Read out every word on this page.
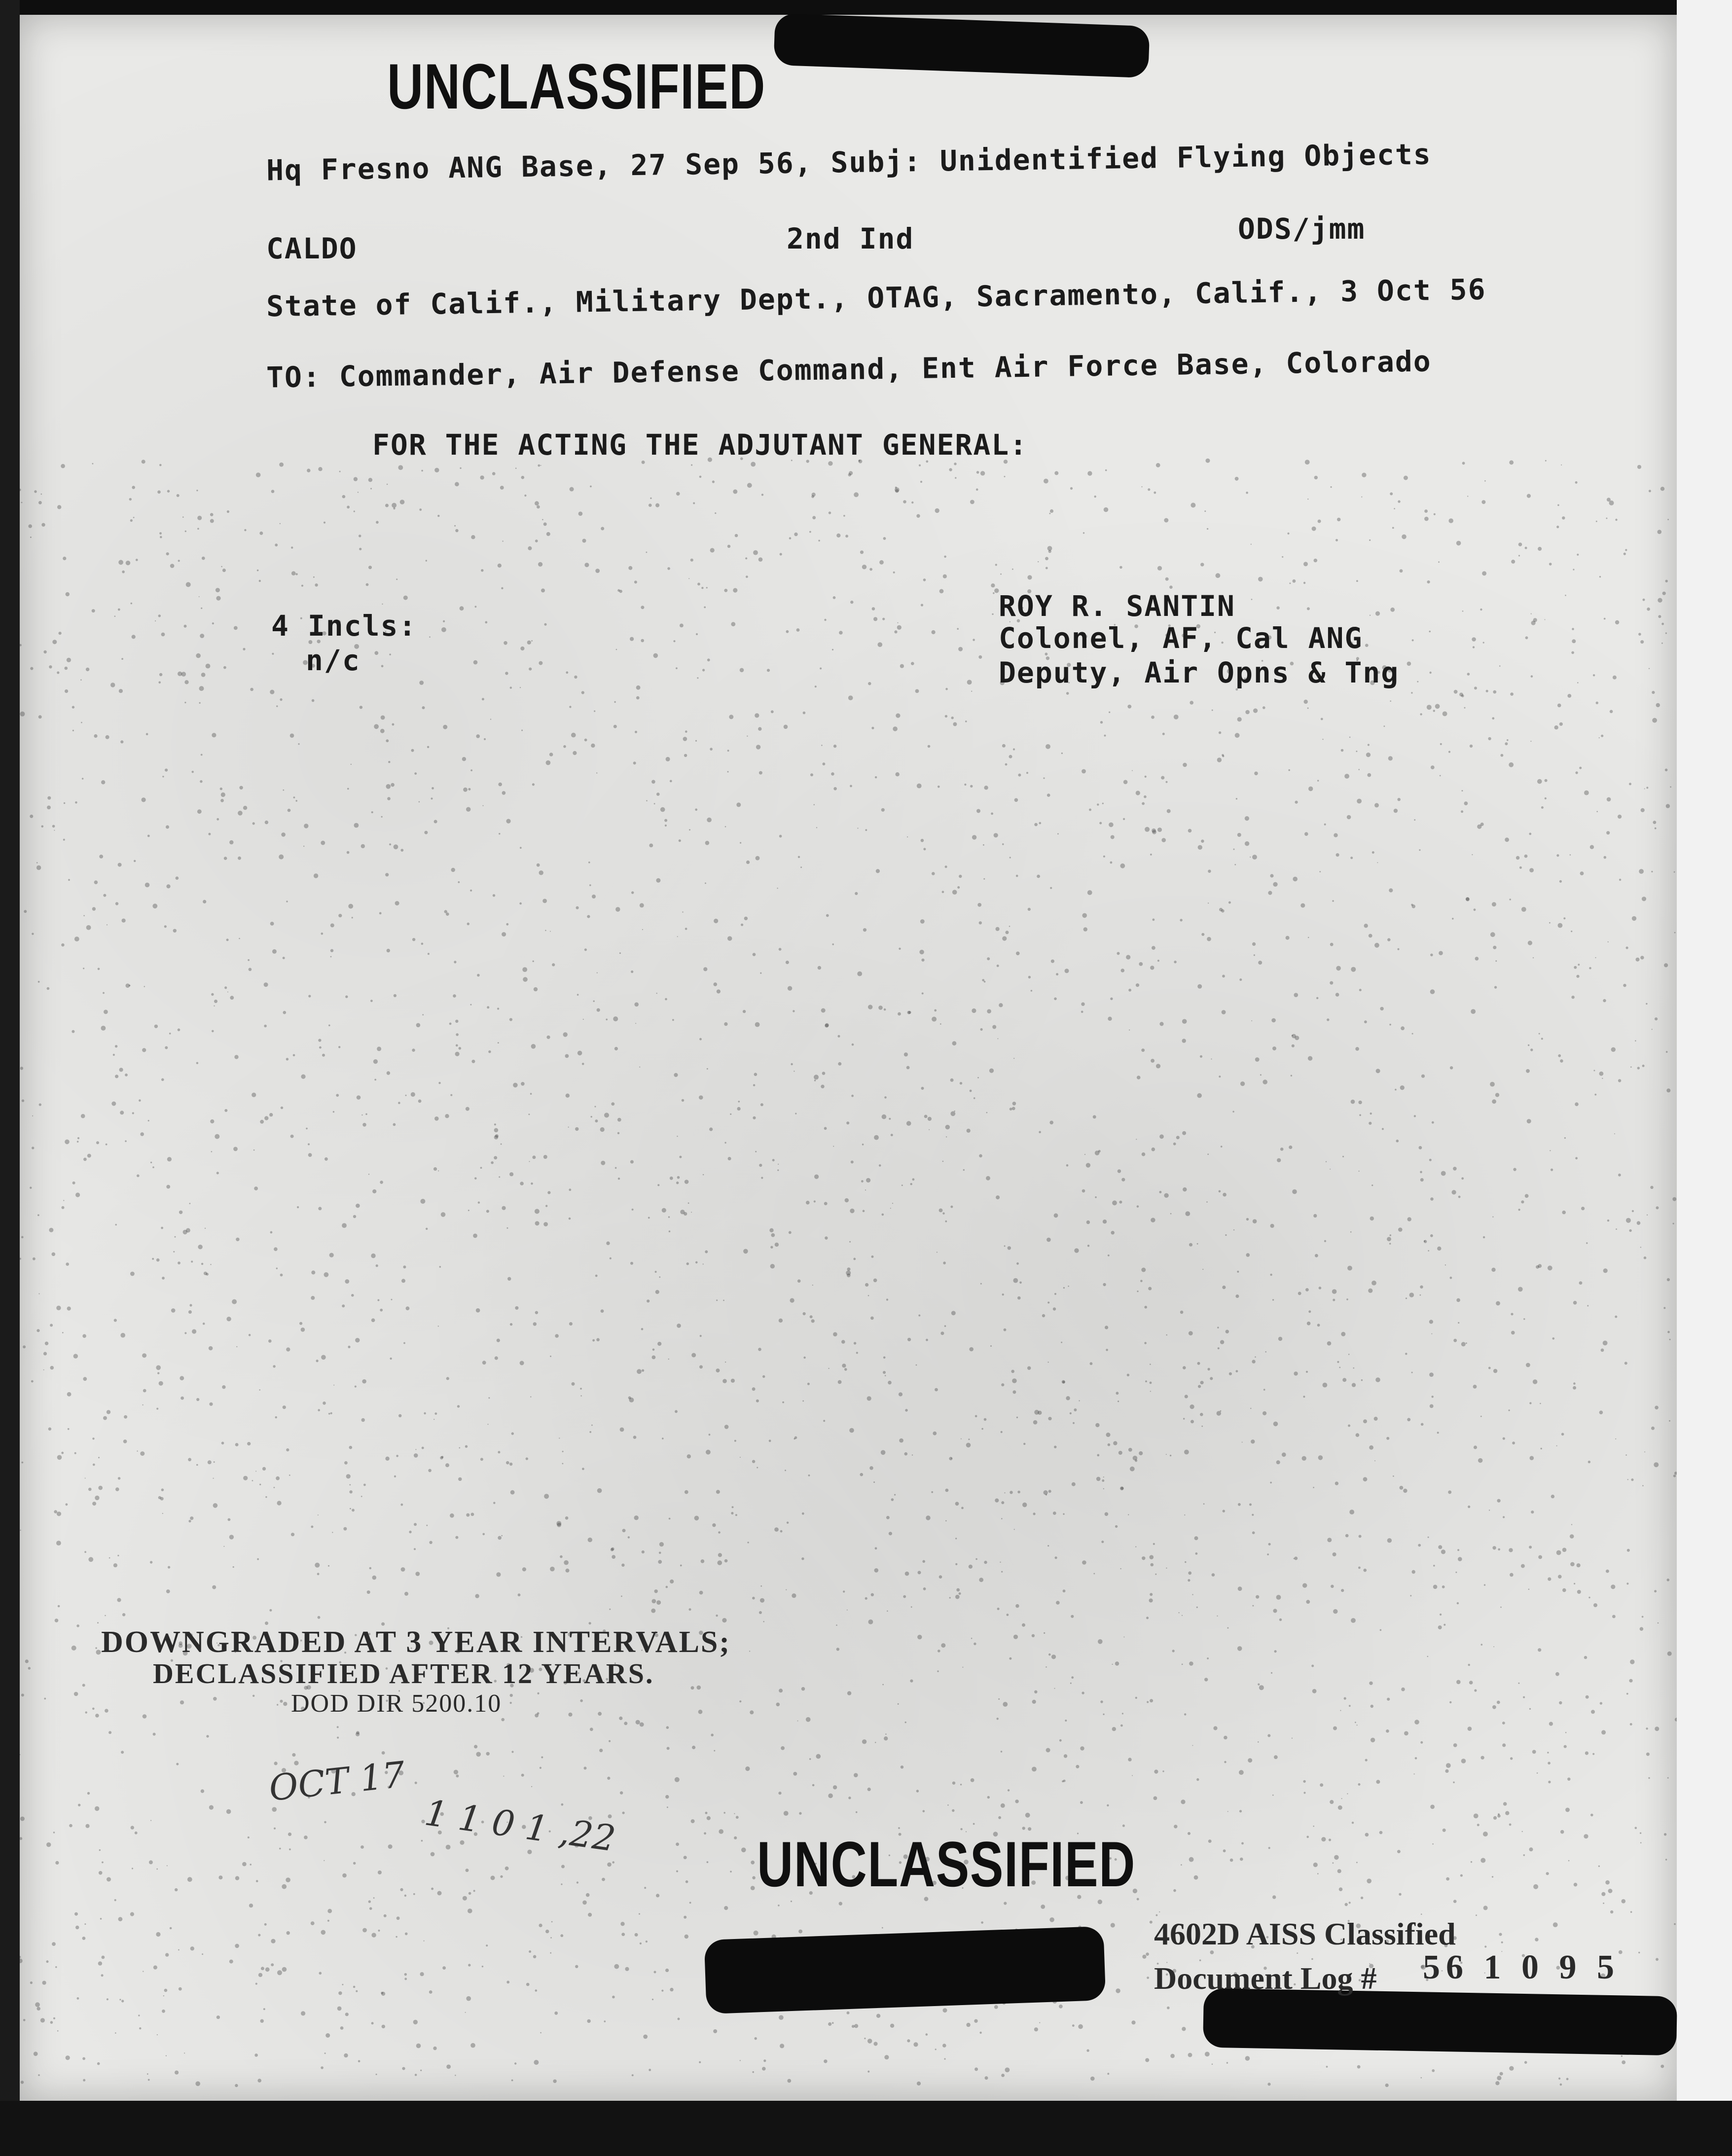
UNCLASSIFIED
UNCLASSIFIED
Hq Fresno ANG Base, 27 Sep 56, Subj: Unidentified Flying Objects
CALDO	2nd Ind	ODS/jmm
State of Calif., Military Dept., OTAG, Sacramento, Calif., 3 Oct 56
TO: Commander, Air Defense Command, Ent Air Force Base, Colorado
FOR THE ACTING THE ADJUTANT GENERAL:
4 Incls:
n/c
ROY R. SANTIN
Colonel, AF, Cal ANG
Deputy, Air Opns & Tng
DOWNGRADED AT 3 YEAR INTERVALS;
DECLASSIFIED AFTER 12 YEARS.
DOD DIR 5200.10
OCT 17
1 1 0 1 ,22
4602D AISS Classified
Document Log # 56 1 0 9 5
